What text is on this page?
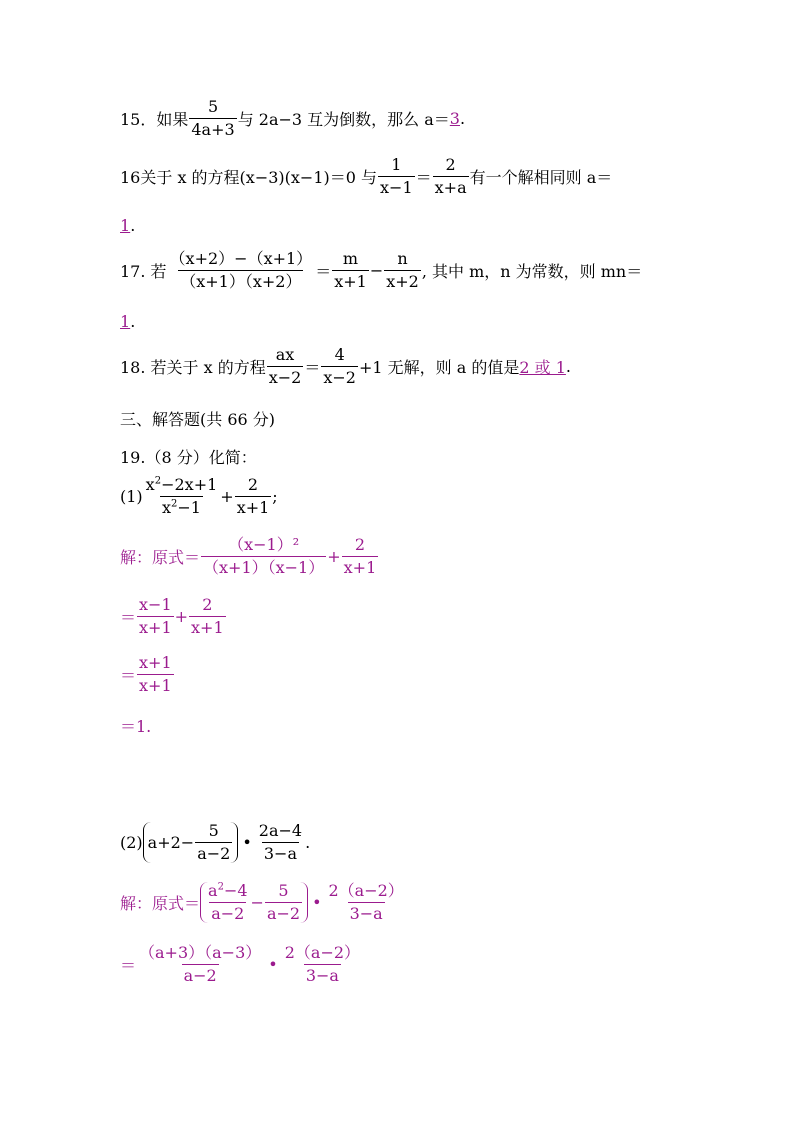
15．如果 $\frac{5}{4a+3}$ 与 2a−3 互为倒数，那么 a＝ 3 .
16关于 x 的方程(x−3)(x−1)＝0 与 $\frac{1}{x-1} = \frac{2}{x+a}$ 有一个解相同则 a＝
1 .
17. 若 $\frac{(x+2)-(x+1)}{(x+1)(x+2)} = \frac{m}{x+1} - \frac{n}{x+2}$ , 其中 m，n 为常数，则 mn＝
1 .
18. 若关于 x 的方程 $\frac{ax}{x-2} = \frac{4}{x-2} +1$ 无解，则 a 的值是 2 或 1 .
三、解答题(共 66 分)
19.（8 分）化简：
$(1) \frac{x^2-2x+1}{x^2-1} + \frac{2}{x+1}$ ;
解：原式＝ $\frac{\text{（x−1）²}}{(x+1)(x-1)} + \frac{2}{x+1}$
＝ $\frac{x-1}{x+1} + \frac{2}{x+1}$
＝ $\frac{x+1}{x+1}$
＝1.
(2) $a+2- \frac{5}{a-2}$ • $\frac{2a-4}{3-a}$ .
解：原式＝ $\frac{a^2-4}{a-2} - \frac{5}{a-2}$ • $\frac{2(a-2)}{3-a}$
＝ $\frac{(a+3)(a-3)}{a-2}$ • $\frac{2(a-2)}{3-a}$
